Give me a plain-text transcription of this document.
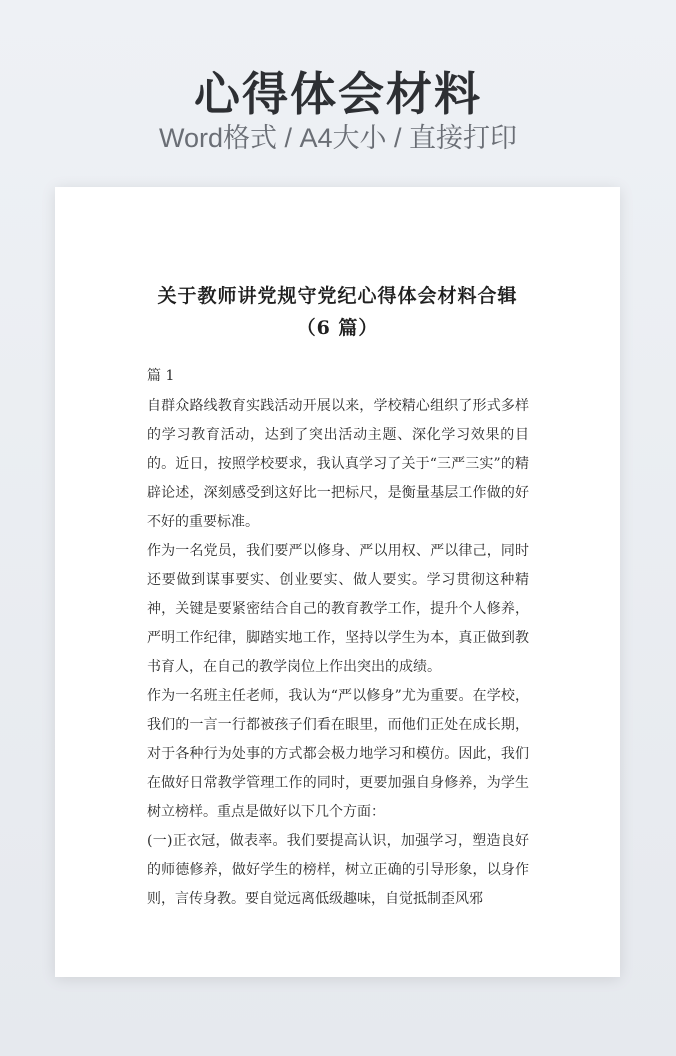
心得体会材料
Word格式 / A4大小 / 直接打印
关于教师讲党规守党纪心得体会材料合辑
（6 篇）
篇 1

自群众路线教育实践活动开展以来，学校精心组织了形式多样的学习教育活动，达到了突出活动主题、深化学习效果的目的。近日，按照学校要求，我认真学习了关于“三严三实”的精辟论述，深刻感受到这好比一把标尺，是衡量基层工作做的好不好的重要标准。

作为一名党员，我们要严以修身、严以用权、严以律己，同时还要做到谋事要实、创业要实、做人要实。学习贯彻这种精神，关键是要紧密结合自己的教育教学工作，提升个人修养，严明工作纪律，脚踏实地工作，坚持以学生为本，真正做到教书育人，在自己的教学岗位上作出突出的成绩。

作为一名班主任老师，我认为“严以修身”尤为重要。在学校，我们的一言一行都被孩子们看在眼里，而他们正处在成长期，对于各种行为处事的方式都会极力地学习和模仿。因此，我们在做好日常教学管理工作的同时，更要加强自身修养，为学生树立榜样。重点是做好以下几个方面：

(一)正衣冠，做表率。我们要提高认识，加强学习，塑造良好的师德修养，做好学生的榜样，树立正确的引导形象，以身作则，言传身教。要自觉远离低级趣味，自觉抵制歪风邪
